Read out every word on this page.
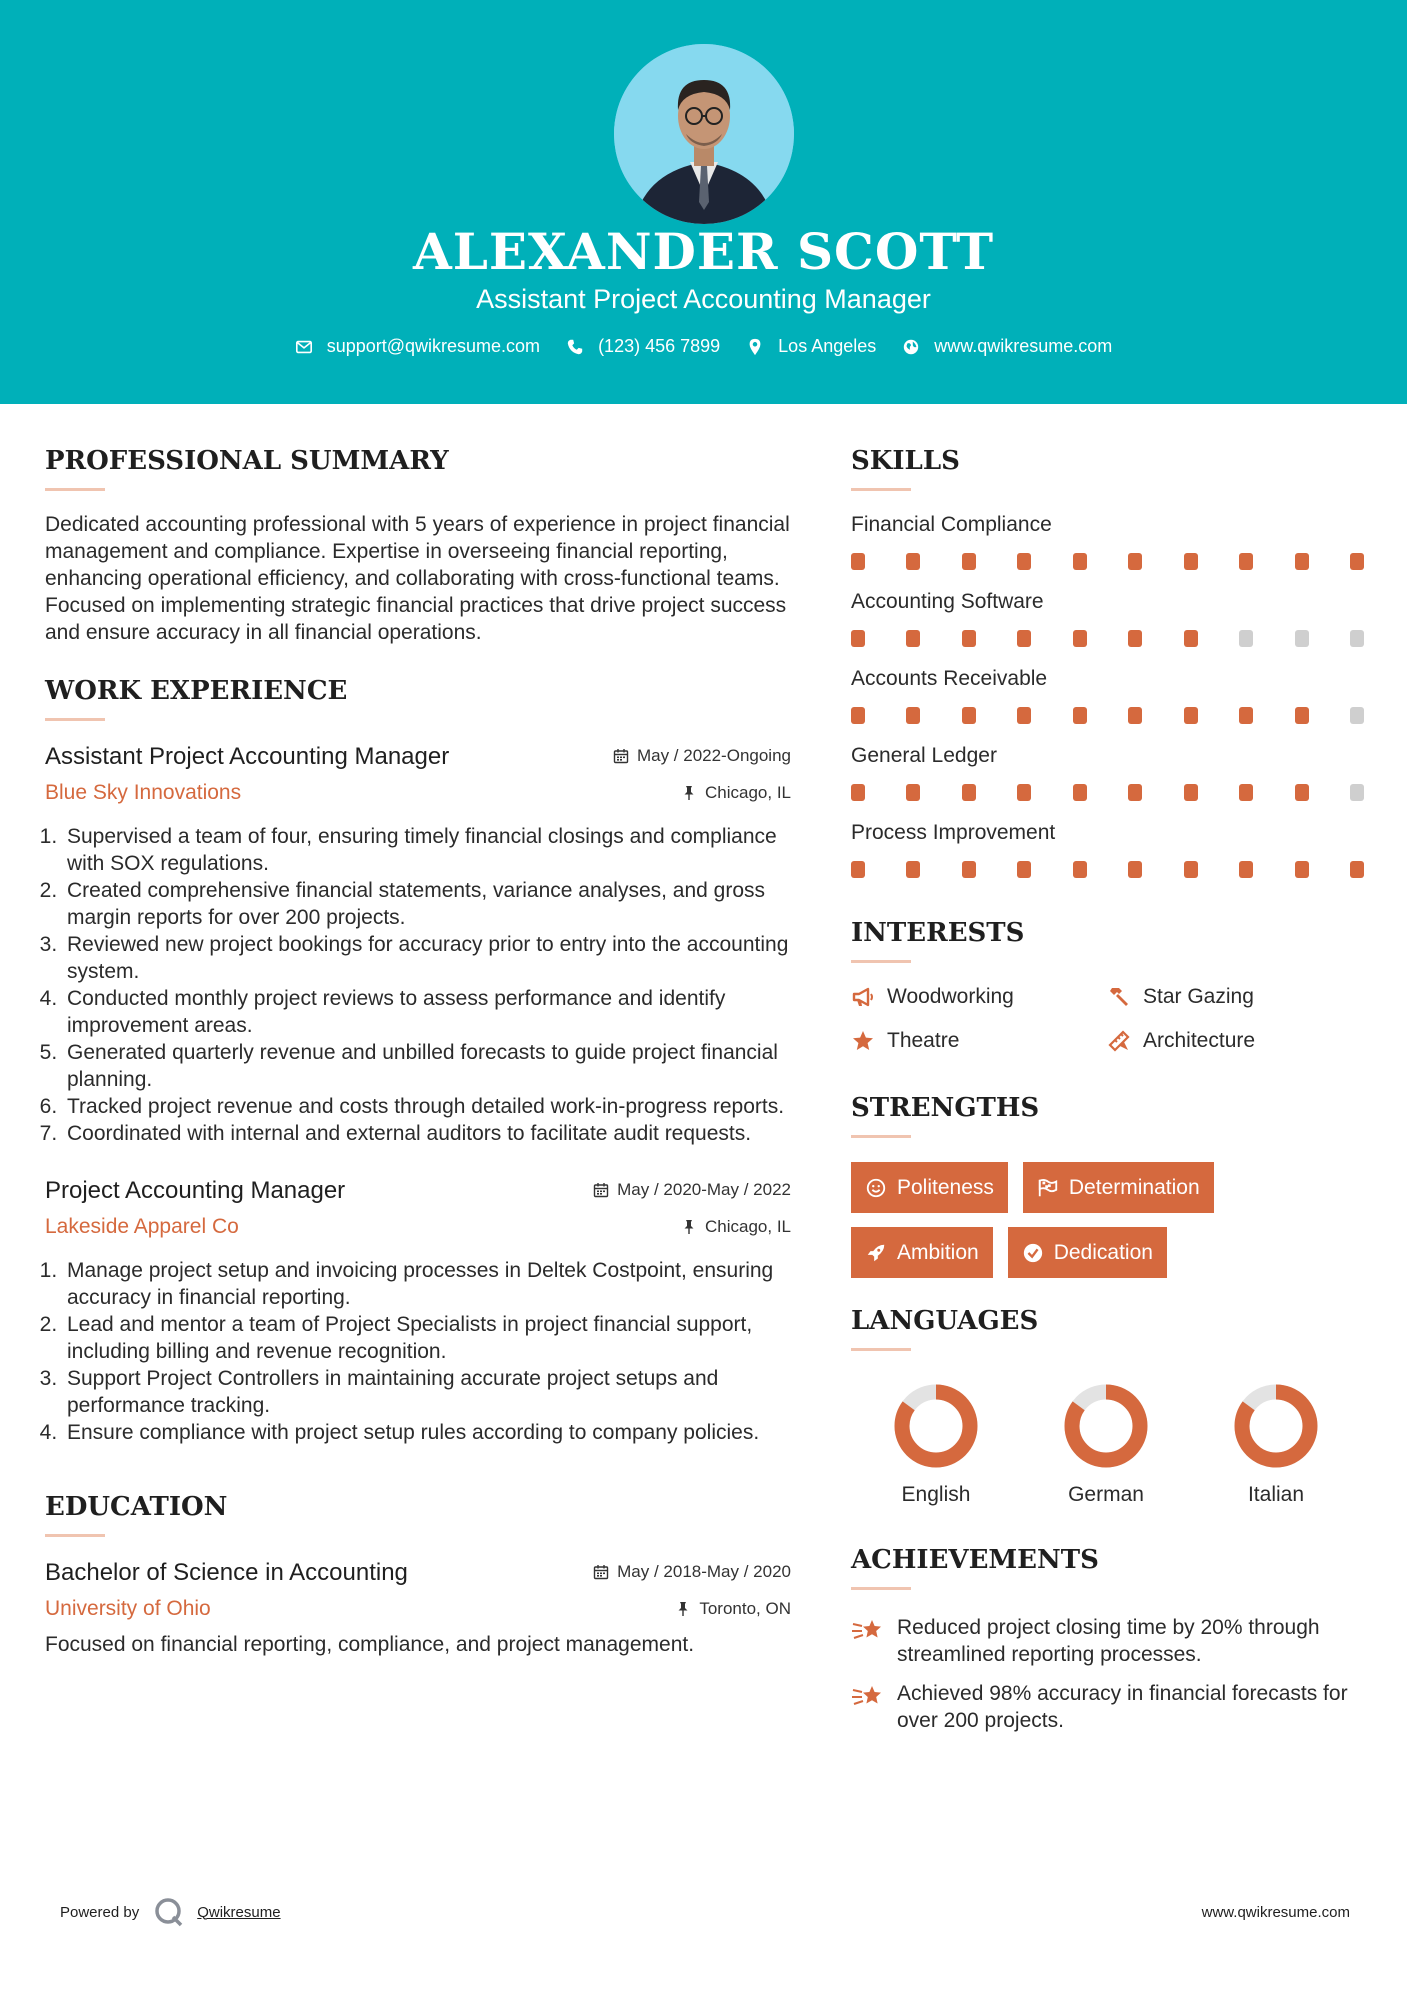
ALEXANDER SCOTT
Assistant Project Accounting Manager
support@qwikresume.com	(123) 456 7899	Los Angeles	www.qwikresume.com
PROFESSIONAL SUMMARY

Dedicated accounting professional with 5 years of experience in project financial management and compliance. Expertise in overseeing financial reporting, enhancing operational efficiency, and collaborating with cross-functional teams. Focused on implementing strategic financial practices that drive project success and ensure accuracy in all financial operations.

WORK EXPERIENCE
Assistant Project Accounting Manager	May / 2022-Ongoing
Blue Sky Innovations	Chicago, IL
1. Supervised a team of four, ensuring timely financial closings and compliance with SOX regulations.
2. Created comprehensive financial statements, variance analyses, and gross margin reports for over 200 projects.
3. Reviewed new project bookings for accuracy prior to entry into the accounting system.
4. Conducted monthly project reviews to assess performance and identify improvement areas.
5. Generated quarterly revenue and unbilled forecasts to guide project financial planning.
6. Tracked project revenue and costs through detailed work-in-progress reports.
7. Coordinated with internal and external auditors to facilitate audit requests.
Project Accounting Manager	May / 2020-May / 2022
Lakeside Apparel Co	Chicago, IL
1. Manage project setup and invoicing processes in Deltek Costpoint, ensuring accuracy in financial reporting.
2. Lead and mentor a team of Project Specialists in project financial support, including billing and revenue recognition.
3. Support Project Controllers in maintaining accurate project setups and performance tracking.
4. Ensure compliance with project setup rules according to company policies.
EDUCATION
Bachelor of Science in Accounting	May / 2018-May / 2020
University of Ohio	Toronto, ON

Focused on financial reporting, compliance, and project management.

SKILLS
Financial Compliance
Accounting Software
Accounts Receivable
General Ledger
Process Improvement
INTERESTS
Woodworking	Star Gazing
Theatre	Architecture
STRENGTHS
Politeness	Determination
Ambition	Dedication
LANGUAGES
English	German	Italian
ACHIEVEMENTS
Reduced project closing time by 20% through streamlined reporting processes.
Achieved 98% accuracy in financial forecasts for over 200 projects.
Powered by	Qwikresume	www.qwikresume.com
